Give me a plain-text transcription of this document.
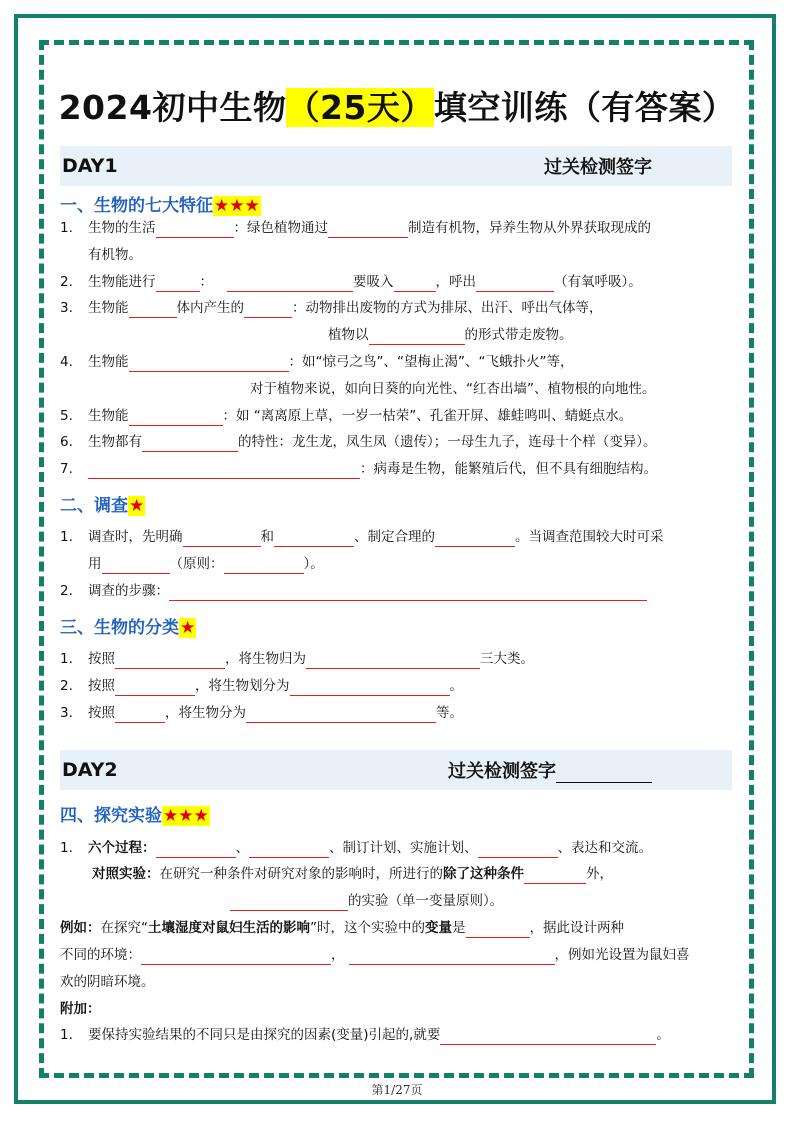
2024初中生物（25天）填空训练（有答案）
DAY1	过关检测签字
一、生物的七大特征★★★
1. 生物的生活	：绿色植物通过	制造有机物，异养生物从外界获取现成的
有机物。
2. 生物能进行	：	要吸入	，呼出	（有氧呼吸）。
3. 生物能	体内产生的	：动物排出废物的方式为排尿、出汗、呼出气体等，
植物以	的形式带走废物。
4. 生物能	：如“惊弓之鸟”、“望梅止渴”、“飞蛾扑火”等，
对于植物来说，如向日葵的向光性、“红杏出墙”、植物根的向地性。
5. 生物能	：如 “离离原上草，一岁一枯荣”、孔雀开屏、雄蛙鸣叫、蜻蜓点水。
6. 生物都有	的特性：龙生龙，凤生凤（遗传）；一母生九子，连母十个样（变异）。
7.	：病毒是生物，能繁殖后代，但不具有细胞结构。
二、调查★
1. 调查时，先明确	和	、制定合理的	。当调查范围较大时可采
用	（原则：	）。
2. 调查的步骤：
三、生物的分类★
1. 按照	，将生物归为	三大类。
2. 按照	，将生物划分为	。
3. 按照	，将生物分为	等。
DAY2	过关检测签字
四、探究实验★★★
1. 六个过程：	、	、制订计划、实施计划、	、表达和交流。
对照实验：在研究一种条件对研究对象的影响时，所进行的除了这种条件	外，
的实验（单一变量原则）。
例如：在探究“土壤湿度对鼠妇生活的影响”时，这个实验中的变量是	，据此设计两种
不同的环境：	，	，例如光设置为鼠妇喜
欢的阴暗环境。
附加：
1. 要保持实验结果的不同只是由探究的因素(变量)引起的,就要	。
第1/27页
